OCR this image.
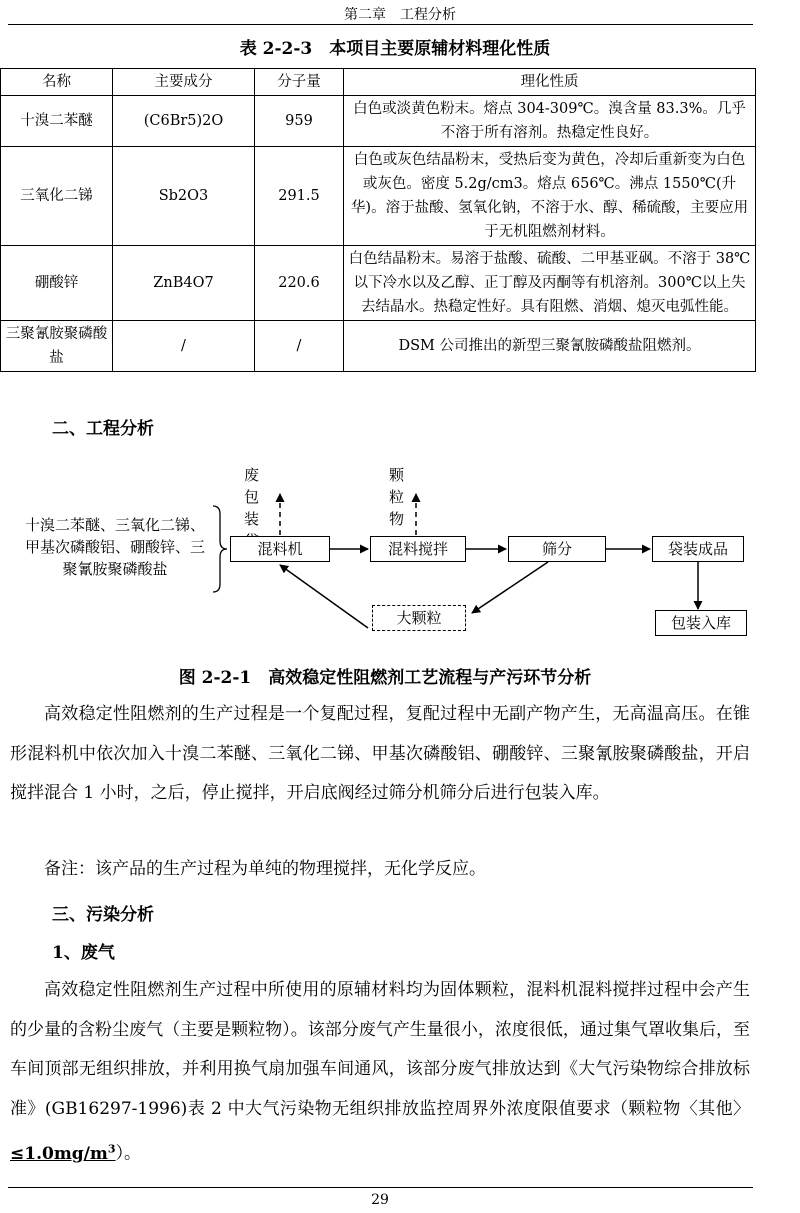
第二章　工程分析
表 2-2-3　本项目主要原辅材料理化性质
名称	主要成分	分子量	理化性质
十溴二苯醚	(C6Br5)2O	959	白色或淡黄色粉末。熔点 304-309℃。溴含量 83.3%。几乎不溶于所有溶剂。热稳定性良好。
三氧化二锑	Sb2O3	291.5	白色或灰色结晶粉末，受热后变为黄色，冷却后重新变为白色或灰色。密度 5.2g/cm3。熔点 656℃。沸点 1550℃(升华)。溶于盐酸、氢氧化钠，不溶于水、醇、稀硫酸，主要应用于无机阻燃剂材料。
硼酸锌	ZnB4O7	220.6	白色结晶粉末。易溶于盐酸、硫酸、二甲基亚砜。不溶于 38℃以下冷水以及乙醇、正丁醇及丙酮等有机溶剂。300℃以上失去结晶水。热稳定性好。具有阻燃、消烟、熄灭电弧性能。
三聚氰胺聚磷酸盐	/	/	DSM 公司推出的新型三聚氰胺磷酸盐阻燃剂。
二、工程分析
十溴二苯醚、三氧化二锑、甲基次磷酸铝、硼酸锌、三聚氰胺聚磷酸盐
废包装
颗粒物
混料机	混料搅拌	筛分	袋装成品
包装入库
大颗粒
图 2-2-1　高效稳定性阻燃剂工艺流程与产污环节分析

高效稳定性阻燃剂的生产过程是一个复配过程，复配过程中无副产物产生，无高温高压。在锥形混料机中依次加入十溴二苯醚、三氧化二锑、甲基次磷酸铝、硼酸锌、三聚氰胺聚磷酸盐，开启搅拌混合 1 小时，之后，停止搅拌，开启底阀经过筛分机筛分后进行包装入库。

备注：该产品的生产过程为单纯的物理搅拌，无化学反应。

三、污染分析
1、废气

高效稳定性阻燃剂生产过程中所使用的原辅材料均为固体颗粒，混料机混料搅拌过程中会产生的少量的含粉尘废气（主要是颗粒物）。该部分废气产生量很小，浓度很低，通过集气罩收集后，至车间顶部无组织排放，并利用换气扇加强车间通风，该部分废气排放达到《大气污染物综合排放标准》(GB16297-1996)表 2 中大气污染物无组织排放监控周界外浓度限值要求（颗粒物〈其他〉$\le 1.0mg/m^3$）。

29
